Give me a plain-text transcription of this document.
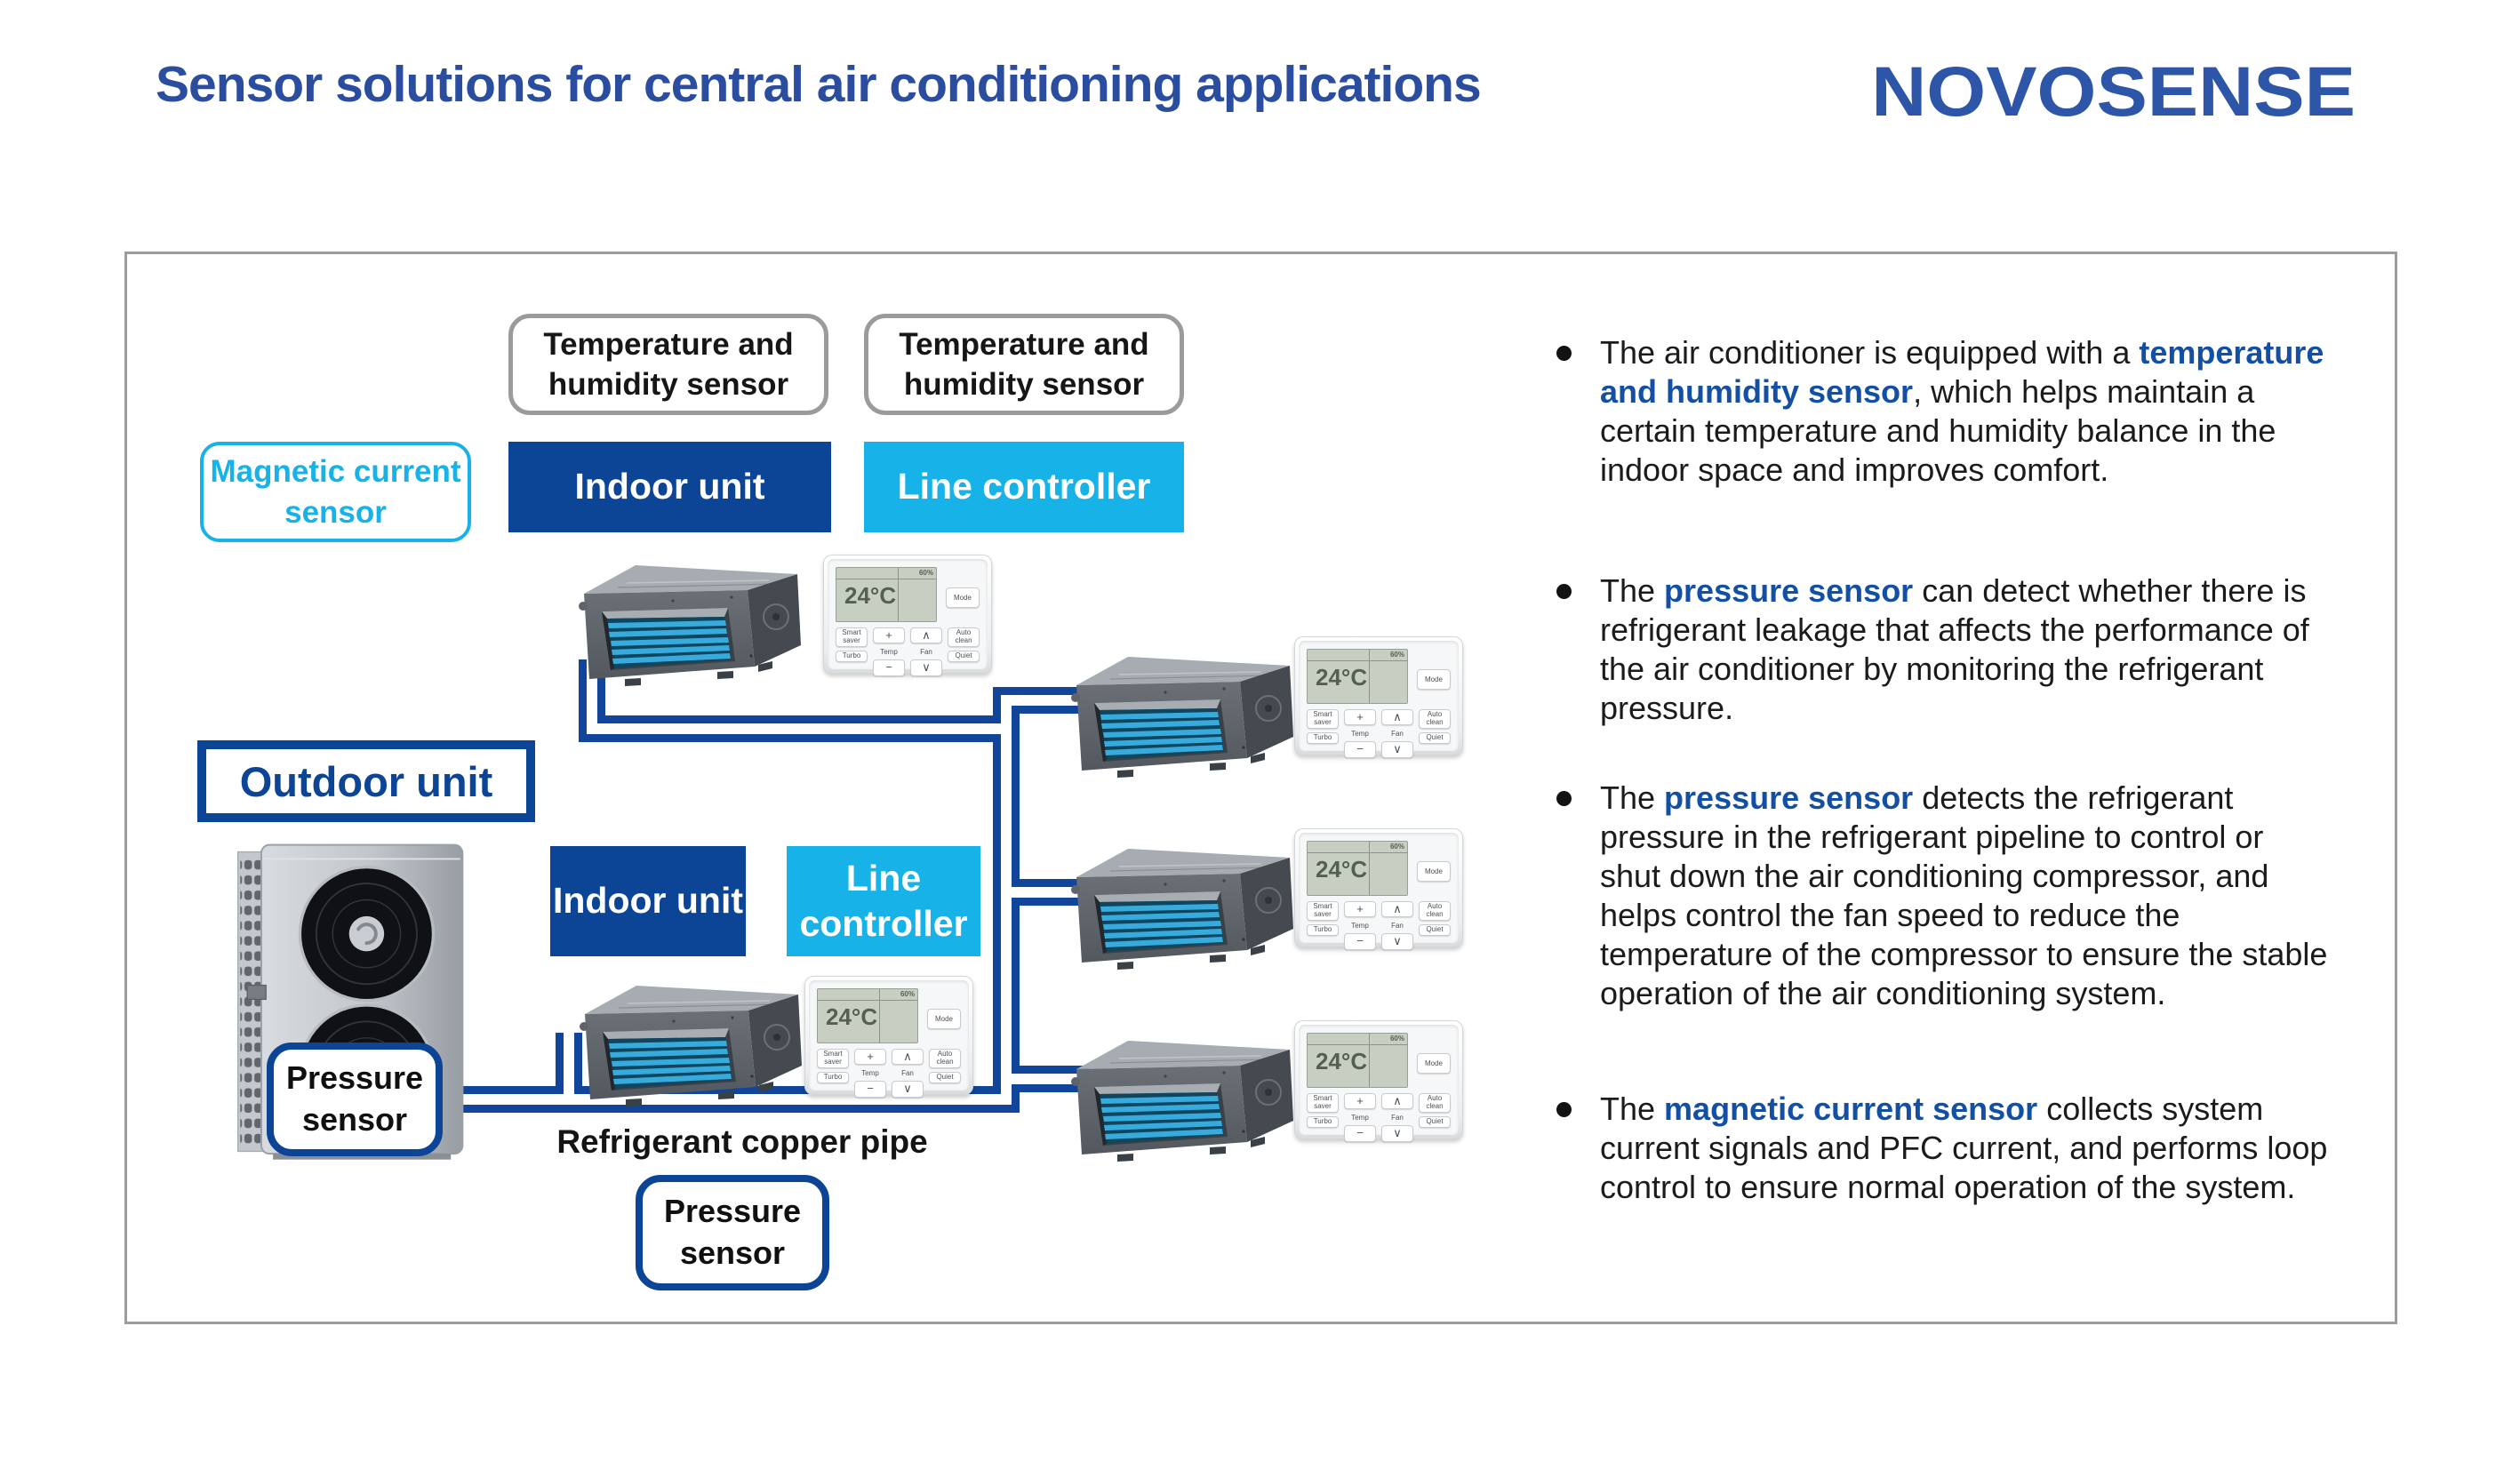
Sensor solutions for central air conditioning applications	NOVOSENSE
24°C
60%
Mode
Smart saver
Turbo
+
Temp
−
∧
Fan
∨
Auto clean
Quiet
24°C
60%
Mode
Smart saver
Turbo
+
Temp
−
∧
Fan
∨
Auto clean
Quiet
24°C
60%
Mode
Smart saver
Turbo
+
Temp
−
∧
Fan
∨
Auto clean
Quiet
24°C
60%
Mode
Smart saver
Turbo
+
Temp
−
∧
Fan
∨
Auto clean
Quiet
24°C
60%
Mode
Smart saver
Turbo
+
Temp
−
∧
Fan
∨
Auto clean
Quiet
Temperature and humidity sensor
Temperature and humidity sensor
Magnetic current sensor
Indoor unit	Line controller
Outdoor unit
Indoor unit
Line controller
Pressure sensor
Refrigerant copper pipe
Pressure sensor

The air conditioner is equipped with a temperature and humidity sensor, which helps maintain a certain temperature and humidity balance in the indoor space and improves comfort.

The pressure sensor can detect whether there is refrigerant leakage that affects the performance of the air conditioner by monitoring the refrigerant pressure.

The pressure sensor detects the refrigerant pressure in the refrigerant pipeline to control or shut down the air conditioning compressor, and helps control the fan speed to reduce the temperature of the compressor to ensure the stable operation of the air conditioning system.

The magnetic current sensor collects system current signals and PFC current, and performs loop control to ensure normal operation of the system.
